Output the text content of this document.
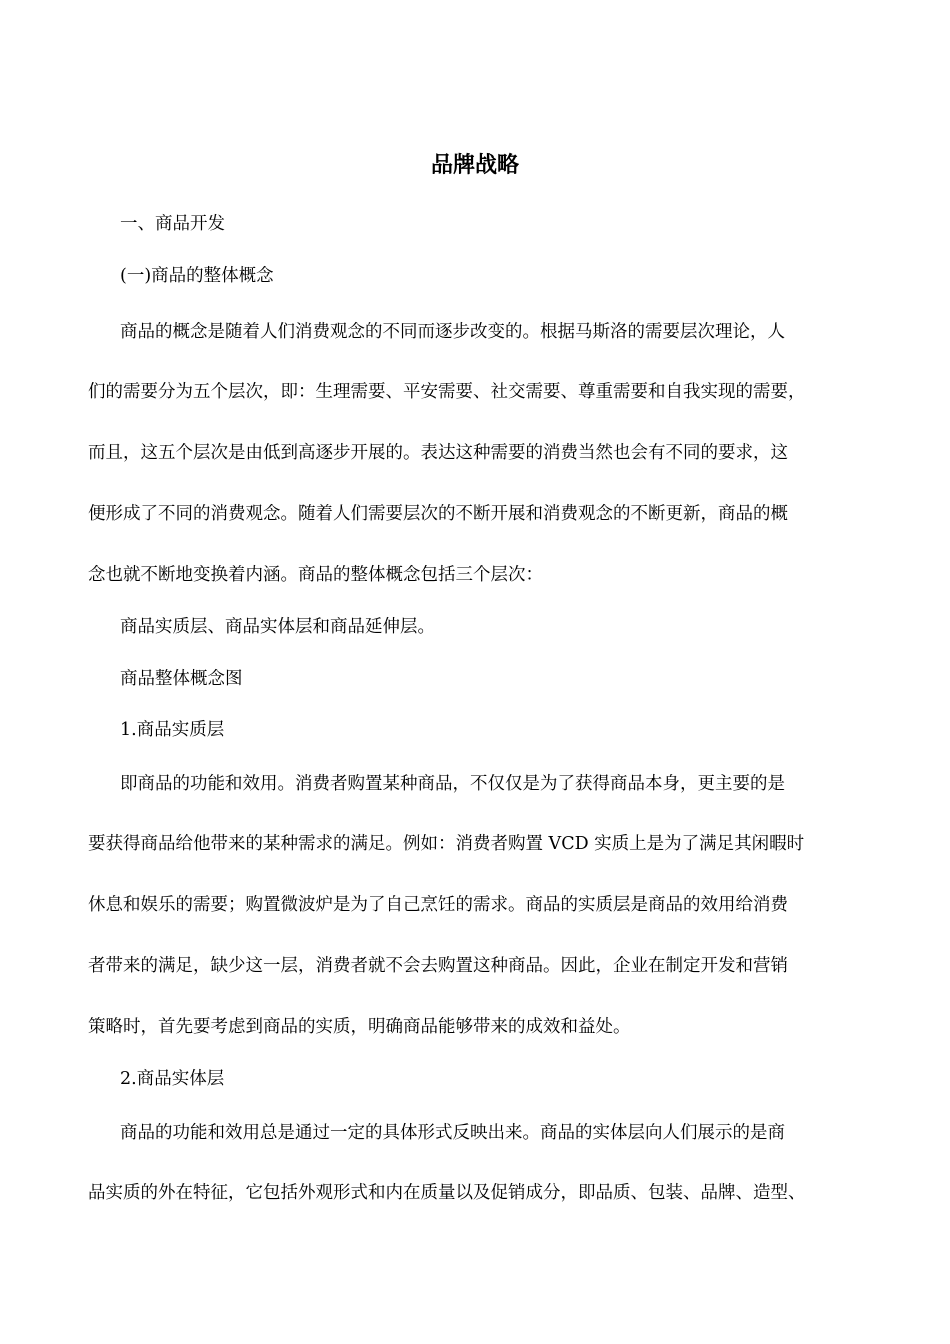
品牌战略

一、商品开发

(一)商品的整体概念

商品的概念是随着人们消费观念的不同而逐步改变的。根据马斯洛的需要层次理论，人

们的需要分为五个层次，即：生理需要、平安需要、社交需要、尊重需要和自我实现的需要，

而且，这五个层次是由低到高逐步开展的。表达这种需要的消费当然也会有不同的要求，这

便形成了不同的消费观念。随着人们需要层次的不断开展和消费观念的不断更新，商品的概

念也就不断地变换着内涵。商品的整体概念包括三个层次：

商品实质层、商品实体层和商品延伸层。

商品整体概念图

1.商品实质层

即商品的功能和效用。消费者购置某种商品，不仅仅是为了获得商品本身，更主要的是

要获得商品给他带来的某种需求的满足。例如：消费者购置 VCD 实质上是为了满足其闲暇时

休息和娱乐的需要；购置微波炉是为了自己烹饪的需求。商品的实质层是商品的效用给消费

者带来的满足，缺少这一层，消费者就不会去购置这种商品。因此，企业在制定开发和营销

策略时，首先要考虑到商品的实质，明确商品能够带来的成效和益处。

2.商品实体层

商品的功能和效用总是通过一定的具体形式反映出来。商品的实体层向人们展示的是商

品实质的外在特征，它包括外观形式和内在质量以及促销成分，即品质、包装、品牌、造型、
